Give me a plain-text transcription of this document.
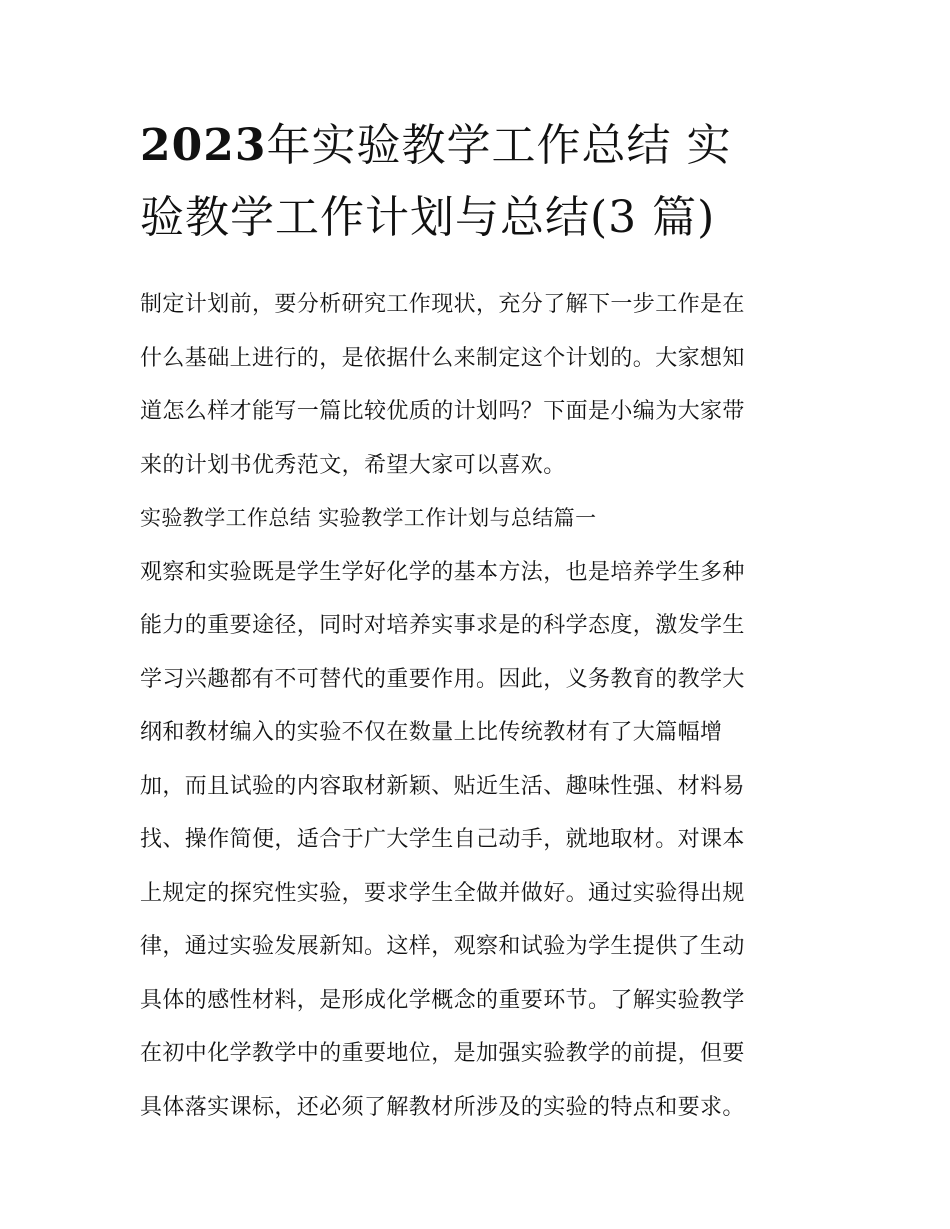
2023年实验教学工作总结 实
验教学工作计划与总结(3 篇)
制定计划前，要分析研究工作现状，充分了解下一步工作是在
什么基础上进行的，是依据什么来制定这个计划的。大家想知
道怎么样才能写一篇比较优质的计划吗？下面是小编为大家带
来的计划书优秀范文，希望大家可以喜欢。
实验教学工作总结 实验教学工作计划与总结篇一
观察和实验既是学生学好化学的基本方法，也是培养学生多种
能力的重要途径，同时对培养实事求是的科学态度，激发学生
学习兴趣都有不可替代的重要作用。因此，义务教育的教学大
纲和教材编入的实验不仅在数量上比传统教材有了大篇幅增
加，而且试验的内容取材新颖、贴近生活、趣味性强、材料易
找、操作简便，适合于广大学生自己动手，就地取材。对课本
上规定的探究性实验，要求学生全做并做好。通过实验得出规
律，通过实验发展新知。这样，观察和试验为学生提供了生动
具体的感性材料，是形成化学概念的重要环节。了解实验教学
在初中化学教学中的重要地位，是加强实验教学的前提，但要
具体落实课标，还必须了解教材所涉及的实验的特点和要求。
